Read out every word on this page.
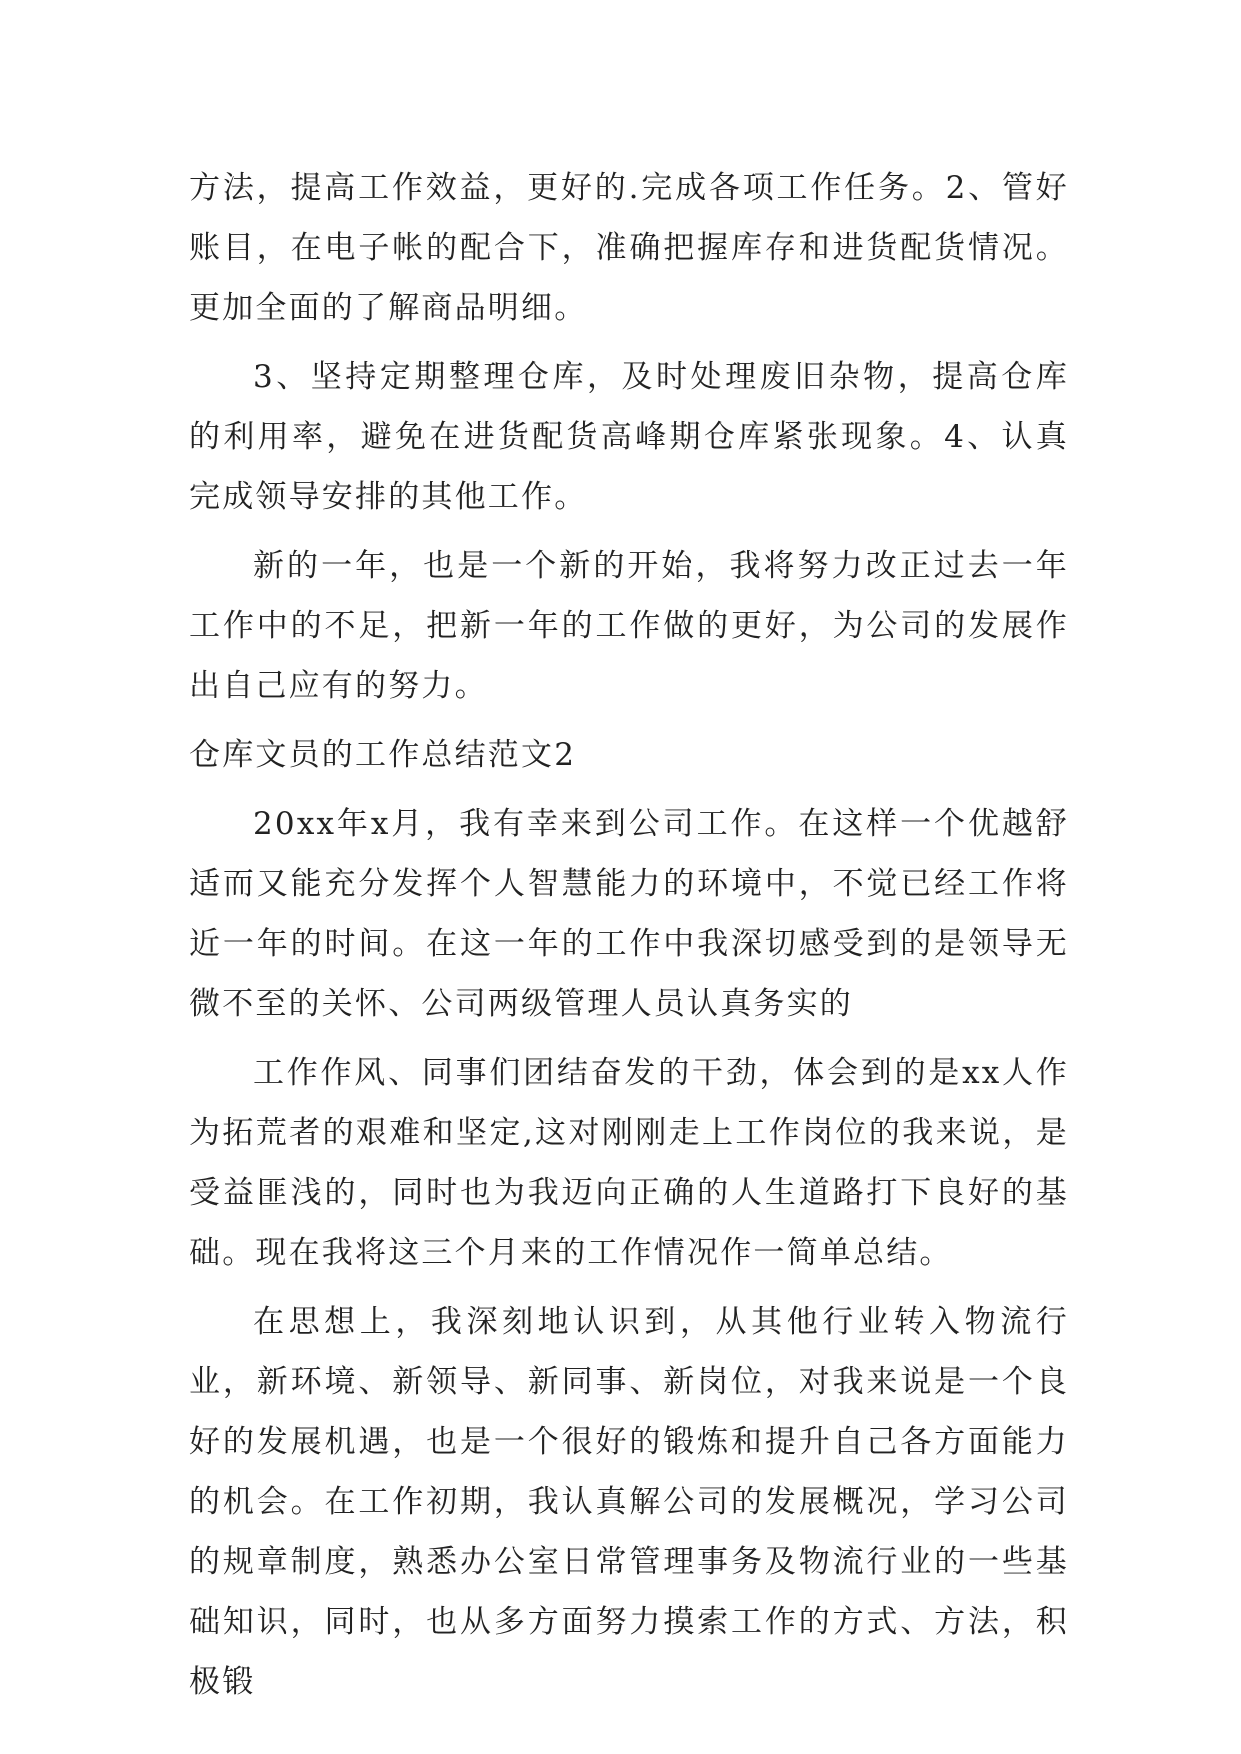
方法，提高工作效益，更好的.完成各项工作任务。2、管好账目，在电子帐的配合下，准确把握库存和进货配货情况。更加全面的了解商品明细。

3、坚持定期整理仓库，及时处理废旧杂物，提高仓库的利用率，避免在进货配货高峰期仓库紧张现象。4、认真完成领导安排的其他工作。

新的一年，也是一个新的开始，我将努力改正过去一年工作中的不足，把新一年的工作做的更好，为公司的发展作出自己应有的努力。

仓库文员的工作总结范文2

20xx年x月，我有幸来到公司工作。在这样一个优越舒适而又能充分发挥个人智慧能力的环境中，不觉已经工作将近一年的时间。在这一年的工作中我深切感受到的是领导无微不至的关怀、公司两级管理人员认真务实的

工作作风、同事们团结奋发的干劲，体会到的是xx人作为拓荒者的艰难和坚定,这对刚刚走上工作岗位的我来说，是受益匪浅的，同时也为我迈向正确的人生道路打下良好的基础。现在我将这三个月来的工作情况作一简单总结。

在思想上，我深刻地认识到，从其他行业转入物流行业，新环境、新领导、新同事、新岗位，对我来说是一个良好的发展机遇，也是一个很好的锻炼和提升自己各方面能力的机会。在工作初期，我认真解公司的发展概况，学习公司的规章制度，熟悉办公室日常管理事务及物流行业的一些基础知识，同时，也从多方面努力摸索工作的方式、方法，积极锻
